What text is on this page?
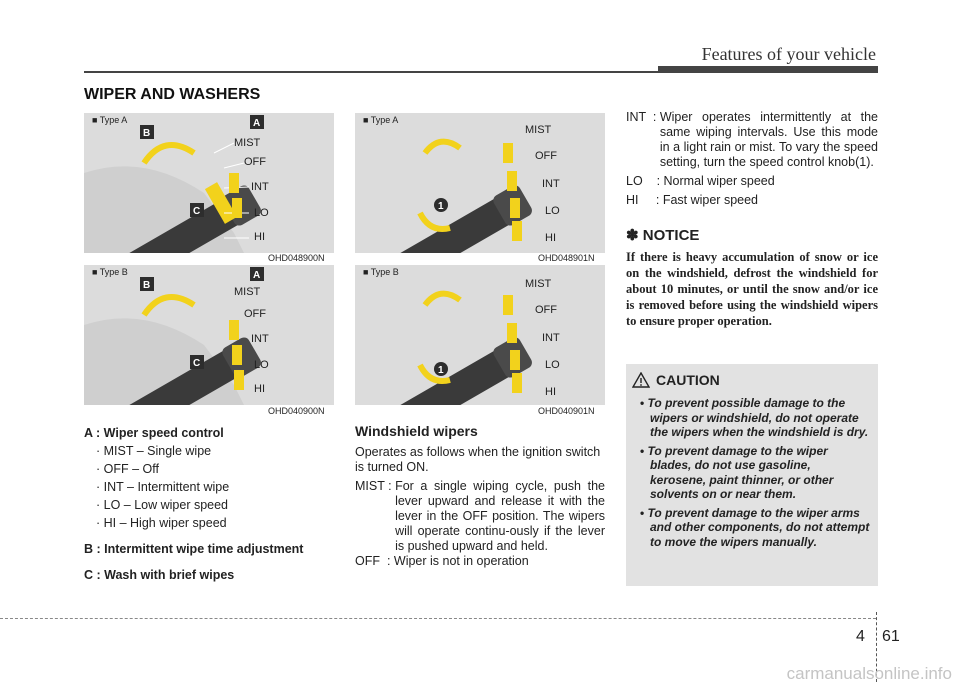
Features of your vehicle
WIPER AND WASHERS
MIST
OFF
INT
LO
HI
A
B
C
■ Type A
OHD048900N
MIST
OFF
INT
LO
HI
A
B
C
■ Type B
OHD040900N
MIST
OFF
INT
LO
HI
1
■ Type A
OHD048901N
MIST
OFF
INT
LO
HI
1
■ Type B
OHD040901N
A : Wiper speed control
· MIST – Single wipe
· OFF – Off
· INT – Intermittent wipe
· LO – Low wiper speed
· HI – High wiper speed
B : Intermittent wipe time adjustment
C : Wash with brief wipes
Windshield wipers
Operates as follows when the ignition switch is turned ON.
MIST : For a single wiping cycle, push the lever upward and release it with the lever in the OFF position. The wipers will operate continu-ously if the lever is pushed upward and held.
OFF  : Wiper is not in operation
INT  : Wiper operates intermittently at the same wiping intervals. Use this mode in a light rain or mist. To vary the speed setting, turn the speed control knob(1).
LO    : Normal wiper speed
HI     : Fast wiper speed
✽ NOTICE
If there is heavy accumulation of snow or ice on the windshield, defrost the windshield for about 10 minutes, or until the snow and/or ice is removed before using the windshield wipers to ensure proper operation.
CAUTION
• To prevent possible damage to the wipers or windshield, do not operate the wipers when the windshield is dry.
• To prevent damage to the wiper blades, do not use gasoline, kerosene, paint thinner, or other solvents on or near them.
• To prevent damage to the wiper arms and other components, do not attempt to move the wipers manually.
4 61
carmanualsonline.info
